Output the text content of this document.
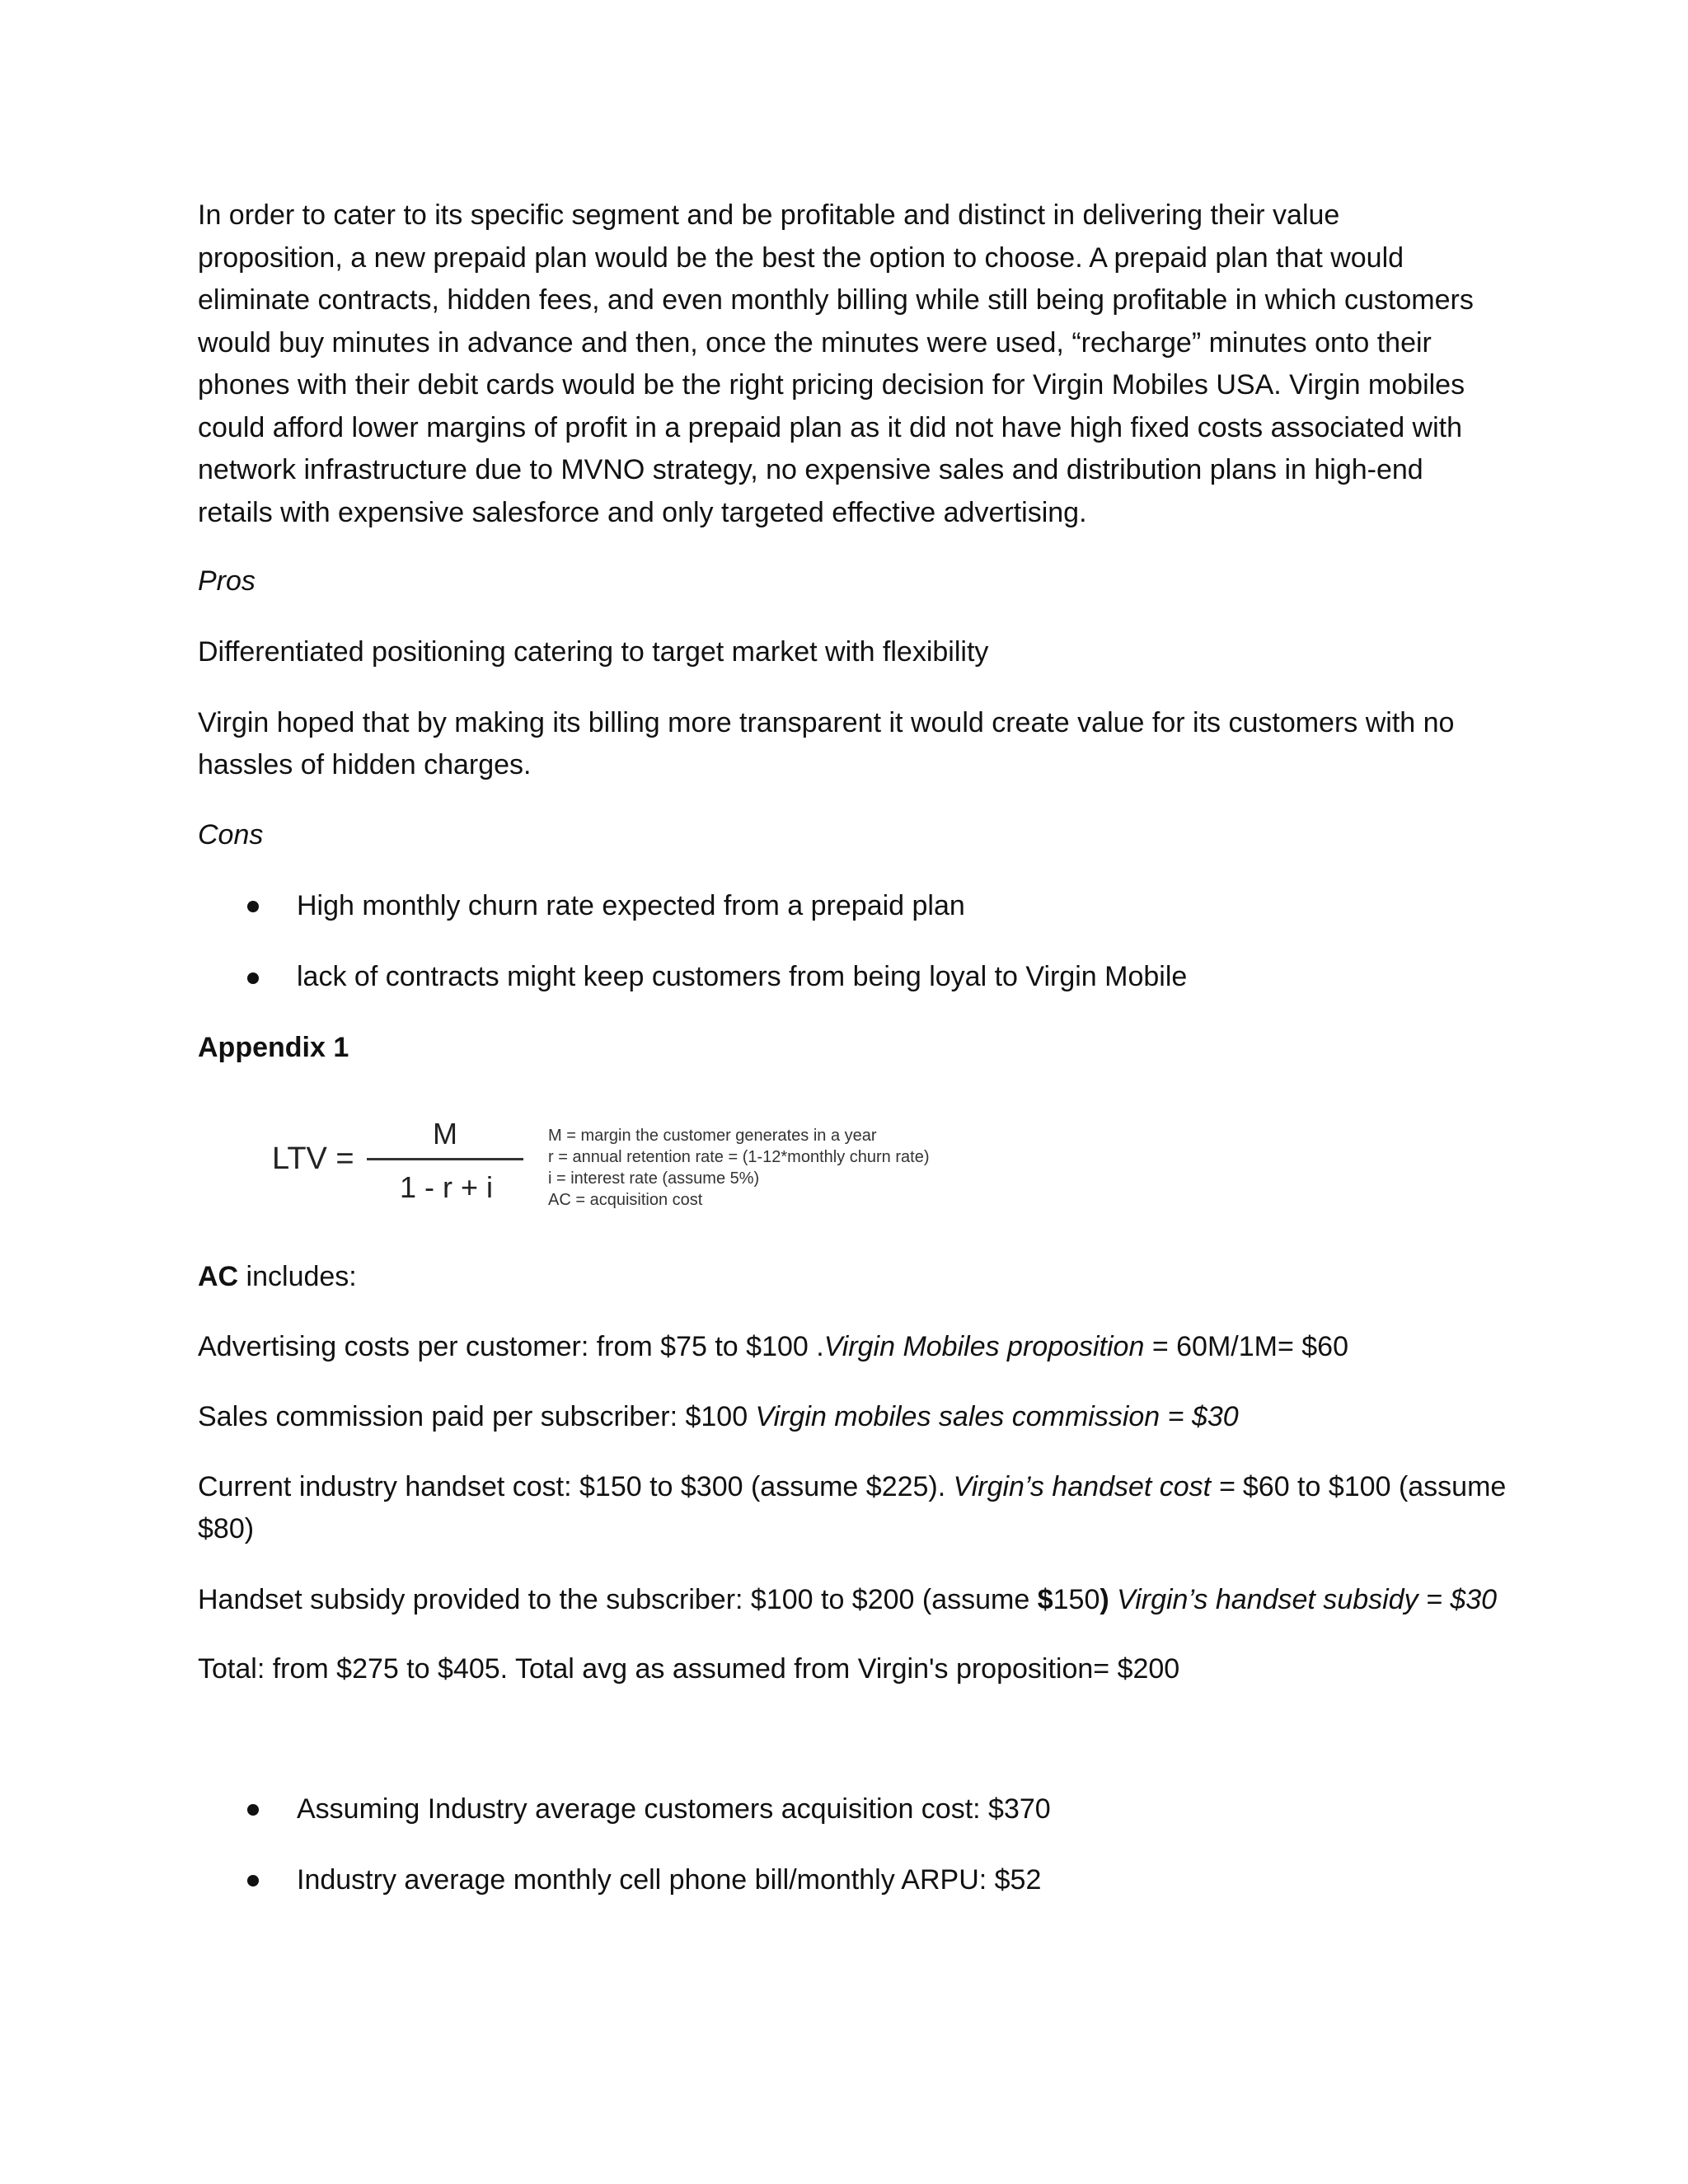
In order to cater to its specific segment and be profitable and distinct in delivering their value
proposition, a new prepaid plan would be the best the option to choose. A prepaid plan that would
eliminate contracts, hidden fees, and even monthly billing while still being profitable in which customers
would buy minutes in advance and then, once the minutes were used, “recharge” minutes onto their
phones with their debit cards would be the right pricing decision for Virgin Mobiles USA. Virgin mobiles
could afford lower margins of profit in a prepaid plan as it did not have high fixed costs associated with
network infrastructure due to MVNO strategy, no expensive sales and distribution plans in high-end
retails with expensive salesforce and only targeted effective advertising.

Pros

Differentiated positioning catering to target market with flexibility

Virgin hoped that by making its billing more transparent it would create value for its customers with no

hassles of hidden charges.

Cons

High monthly churn rate expected from a prepaid plan
lack of contracts might keep customers from being loyal to Virgin Mobile

Appendix 1

LTV =
M
1 - r + i
M = margin the customer generates in a year
r = annual retention rate = (1-12*monthly churn rate)
i = interest rate (assume 5%)
AC = acquisition cost

AC includes:

Advertising costs per customer: from $75 to $100 .Virgin Mobiles proposition = 60M/1M= $60

Sales commission paid per subscriber: $100 Virgin mobiles sales commission = $30

Current industry handset cost: $150 to $300 (assume $225). Virgin’s handset cost = $60 to $100 (assume

$80)

Handset subsidy provided to the subscriber: $100 to $200 (assume $150) Virgin’s handset subsidy = $30

Total: from $275 to $405. Total avg as assumed from Virgin's proposition= $200

Assuming Industry average customers acquisition cost: $370
Industry average monthly cell phone bill/monthly ARPU: $52
